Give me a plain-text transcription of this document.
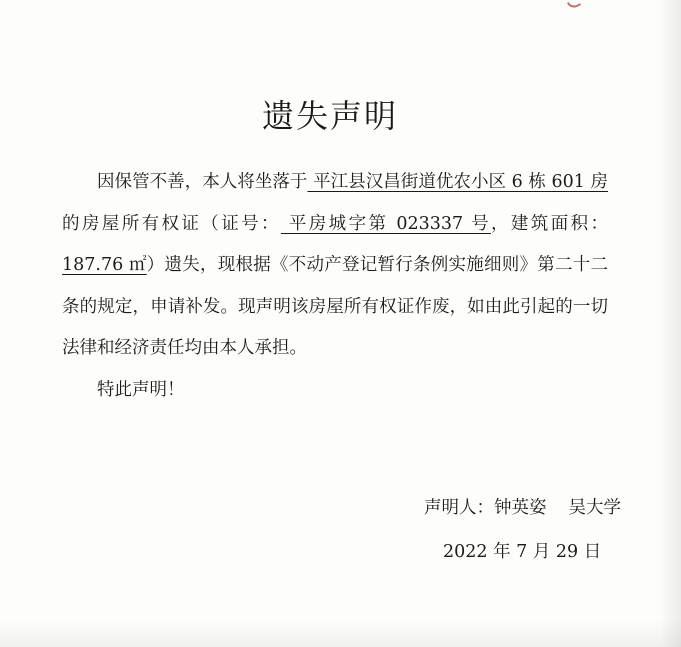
遗失声明

因保管不善，本人将坐落于 平江县汉昌街道优农小区 6 栋 601 房的房屋所有权证（证号： 平房城字第 023337 号，建筑面积：187.76 ㎡）遗失，现根据《不动产登记暂行条例实施细则》第二十二条的规定，申请补发。现声明该房屋所有权证作废，如由此引起的一切法律和经济责任均由本人承担。

特此声明！
声明人：钟英姿 吴大学
2022 年 7 月 29 日
